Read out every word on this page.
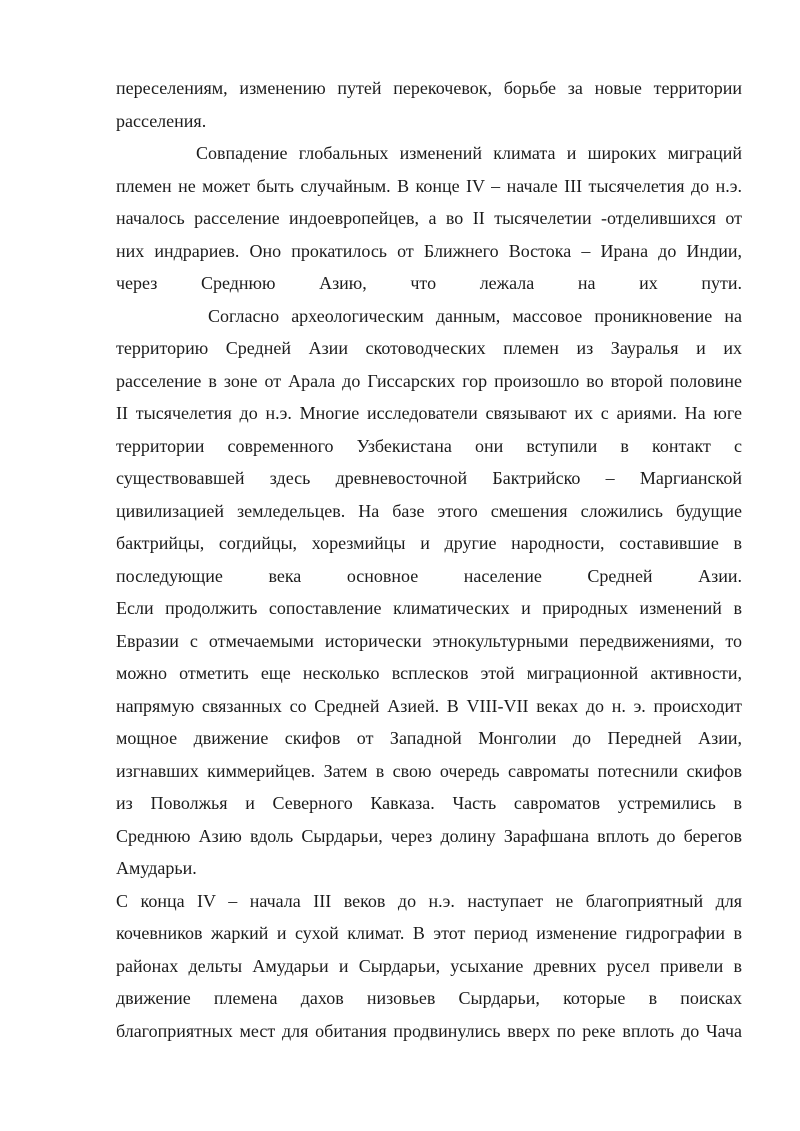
переселениям, изменению путей перекочевок, борьбе за новые территории
расселения.
Совпадение глобальных изменений климата и широких миграций
племен не может быть случайным. В конце IV – начале III тысячелетия до н.э.
началось расселение индоевропейцев, а во II тысячелетии -отделившихся от
них индрариев. Оно прокатилось от Ближнего Востока – Ирана до Индии,
через Среднюю Азию, что лежала на их пути.
Согласно археологическим данным, массовое проникновение на
территорию Средней Азии скотоводческих племен из Зауралья и их
расселение в зоне от Арала до Гиссарских гор произошло во второй половине
II тысячелетия до н.э. Многие исследователи связывают их с ариями. На юге
территории современного Узбекистана они вступили в контакт с
существовавшей здесь древневосточной Бактрийско – Маргианской
цивилизацией земледельцев. На базе этого смешения сложились будущие
бактрийцы, согдийцы, хорезмийцы и другие народности, составившие в
последующие века основное население Средней Азии.
Если продолжить сопоставление климатических и природных изменений в
Евразии с отмечаемыми исторически этнокультурными передвижениями, то
можно отметить еще несколько всплесков этой миграционной активности,
напрямую связанных со Средней Азией. В VIII-VII веках до н. э. происходит
мощное движение скифов от Западной Монголии до Передней Азии,
изгнавших киммерийцев. Затем в свою очередь савроматы потеснили скифов
из Поволжья и Северного Кавказа. Часть савроматов устремились в
Среднюю Азию вдоль Сырдарьи, через долину Зарафшана вплоть до берегов
Амударьи.
С конца IV – начала III веков до н.э. наступает не благоприятный для
кочевников жаркий и сухой климат. В этот период изменение гидрографии в
районах дельты Амударьи и Сырдарьи, усыхание древних русел привели в
движение племена дахов низовьев Сырдарьи, которые в поисках
благоприятных мест для обитания продвинулись вверх по реке вплоть до Чача
